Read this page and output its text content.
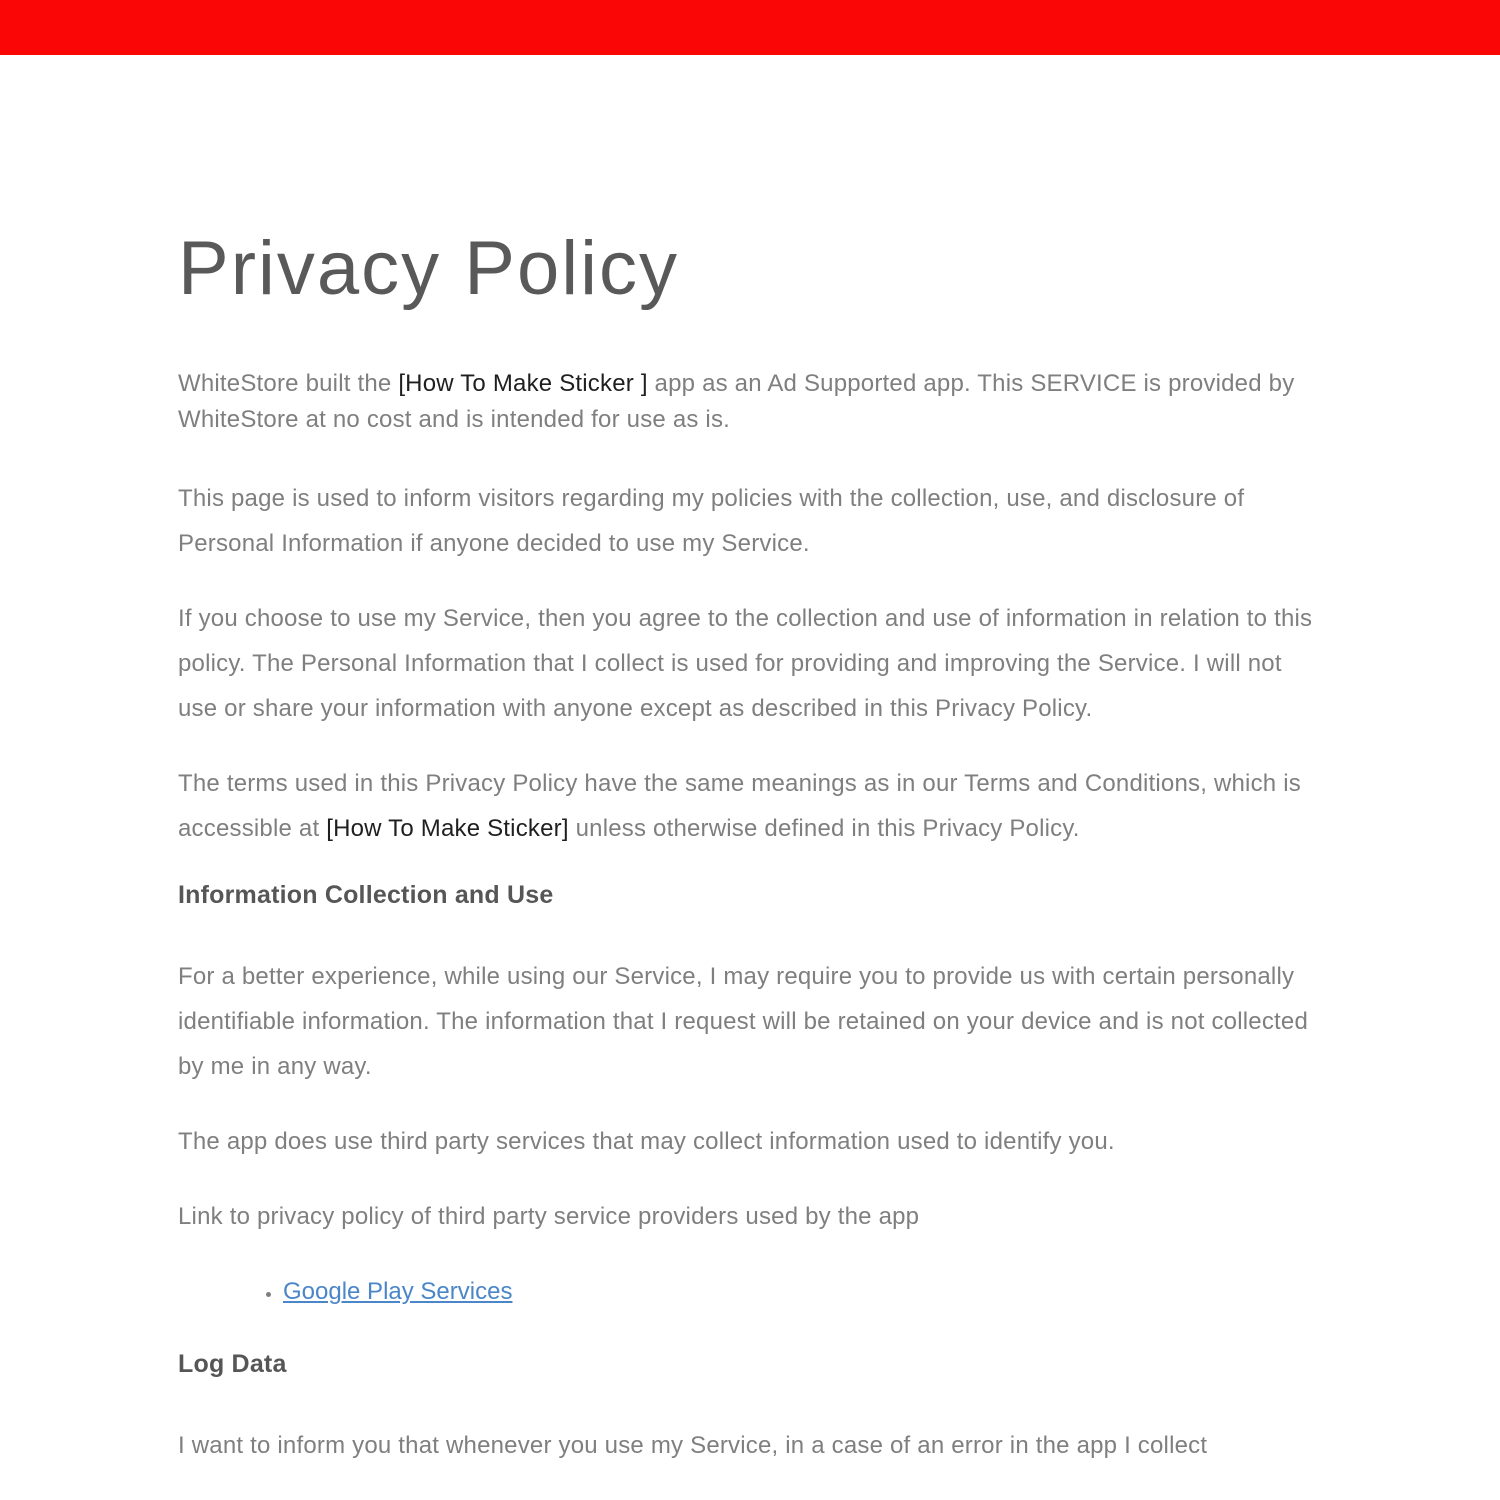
Privacy Policy

WhiteStore built the [How To Make Sticker ] app as an Ad Supported app. This SERVICE is provided by WhiteStore at no cost and is intended for use as is.

This page is used to inform visitors regarding my policies with the collection, use, and disclosure of Personal Information if anyone decided to use my Service.

If you choose to use my Service, then you agree to the collection and use of information in relation to this policy. The Personal Information that I collect is used for providing and improving the Service. I will not use or share your information with anyone except as described in this Privacy Policy.

The terms used in this Privacy Policy have the same meanings as in our Terms and Conditions, which is accessible at [How To Make Sticker] unless otherwise defined in this Privacy Policy.

Information Collection and Use

For a better experience, while using our Service, I may require you to provide us with certain personally identifiable information. The information that I request will be retained on your device and is not collected by me in any way.

The app does use third party services that may collect information used to identify you.

Link to privacy policy of third party service providers used by the app

• Google Play Services
Log Data

I want to inform you that whenever you use my Service, in a case of an error in the app I collect
